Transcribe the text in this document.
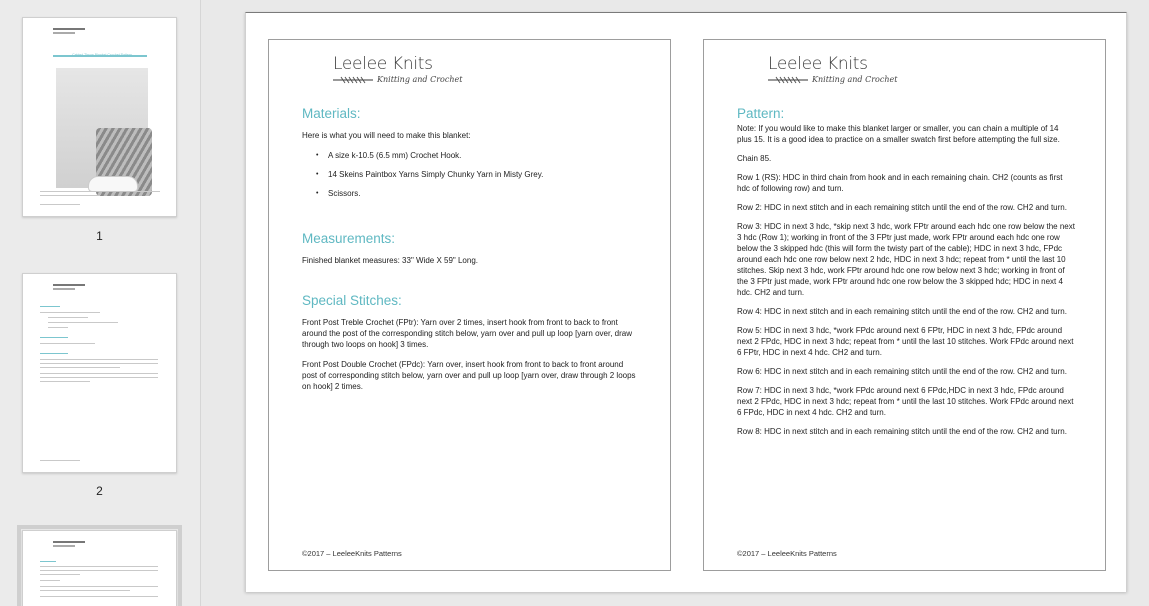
1
2
Leelee Knits
Knitting and Crochet
Materials:
Here is what you will need to make this blanket:
• A size k-10.5 (6.5 mm) Crochet Hook.
• 14 Skeins Paintbox Yarns Simply Chunky Yarn in Misty Grey.
• Scissors.
Measurements:
Finished blanket measures: 33" Wide X 59" Long.
Special Stitches:
Front Post Treble Crochet (FPtr): Yarn over 2 times, insert hook from front to back to front around the post of the corresponding stitch below, yarn over and pull up loop [yarn over, draw through two loops on hook] 3 times.
Front Post Double Crochet (FPdc): Yarn over, insert hook from front to back to front around post of corresponding stitch below, yarn over and pull up loop [yarn over, draw through 2 loops on hook] 2 times.
©2017 – LeeleeKnits Patterns
Leelee Knits
Knitting and Crochet
Pattern:
Note: If you would like to make this blanket larger or smaller, you can chain a multiple of 14 plus 15. It is a good idea to practice on a smaller swatch first before attempting the full size.
Chain 85.
Row 1 (RS): HDC in third chain from hook and in each remaining chain. CH2 (counts as first hdc of following row) and turn.
Row 2: HDC in next stitch and in each remaining stitch until the end of the row. CH2 and turn.
Row 3: HDC in next 3 hdc, *skip next 3 hdc, work FPtr around each hdc one row below the next 3 hdc (Row 1); working in front of the 3 FPtr just made, work FPtr around each hdc one row below the 3 skipped hdc (this will form the twisty part of the cable); HDC in next 3 hdc, FPdc around each hdc one row below next 2 hdc, HDC in next 3 hdc; repeat from * until the last 10 stitches. Skip next 3 hdc, work FPtr around hdc one row below next 3 hdc; working in front of the 3 FPtr just made, work FPtr around hdc one row below the 3 skipped hdc; HDC in next 4 hdc. CH2 and turn.
Row 4: HDC in next stitch and in each remaining stitch until the end of the row. CH2 and turn.
Row 5: HDC in next 3 hdc, *work FPdc around next 6 FPtr, HDC in next 3 hdc, FPdc around next 2 FPdc, HDC in next 3 hdc; repeat from * until the last 10 stitches. Work FPdc around next 6 FPtr, HDC in next 4 hdc. CH2 and turn.
Row 6: HDC in next stitch and in each remaining stitch until the end of the row. CH2 and turn.
Row 7: HDC in next 3 hdc, *work FPdc around next 6 FPdc,HDC in next 3 hdc, FPdc around next 2 FPdc, HDC in next 3 hdc; repeat from * until the last 10 stitches. Work FPdc around next 6 FPdc, HDC in next 4 hdc. CH2 and turn.
Row 8: HDC in next stitch and in each remaining stitch until the end of the row. CH2 and turn.
©2017 – LeeleeKnits Patterns
Cabled Throw Blanket Crochet Pattern
